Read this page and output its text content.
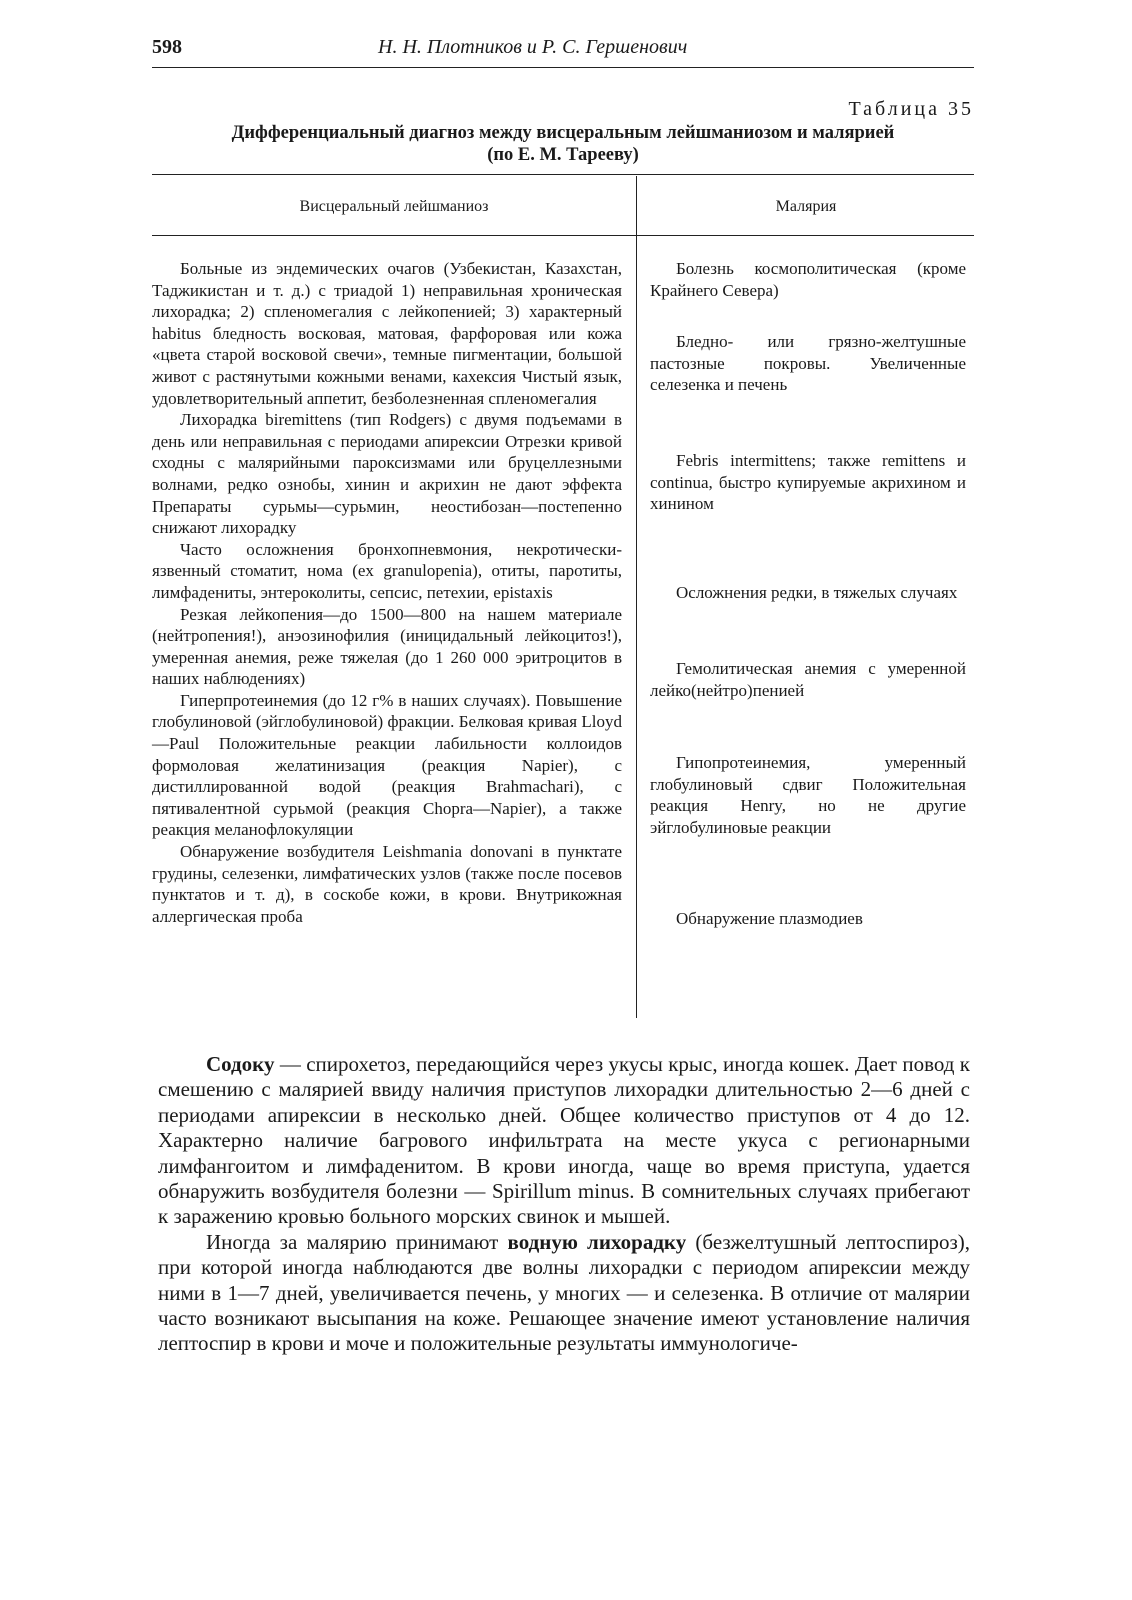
598	Н. Н. Плотников и Р. С. Гершенович
Таблица 35
Дифференциальный диагноз между висцеральным лейшманиозом и малярией
(по Е. М. Тарееву)
Висцеральный лейшманиоз	Малярия

Больные из эндемических очагов (Узбекистан, Казахстан, Таджикистан и т. д.) с триадой 1) неправильная хроническая лихорадка; 2) спленомегалия с лейкопенией; 3) характерный habitus бледность восковая, матовая, фарфоровая или кожа «цвета старой восковой свечи», темные пигментации, большой живот с растянутыми кожными венами, кахексия Чистый язык, удовлетворительный аппетит, безболезненная спленомегалия

Лихорадка biremittens (тип Rodgers) с двумя подъемами в день или неправильная с периодами апирексии Отрезки кривой сходны с малярийными пароксизмами или бруцеллезными волнами, редко ознобы, хинин и акрихин не дают эффекта Препараты сурьмы—сурьмин, неостибозан—постепенно снижают лихорадку

Часто осложнения бронхопневмония, некротически-язвенный стоматит, нома (ex granulopenia), отиты, паротиты, лимфадениты, энтероколиты, сепсис, петехии, epistaxis

Резкая лейкопения—до 1500—800 на нашем материале (нейтропения!), анэозинофилия (иницидальный лейкоцитоз!), умеренная анемия, реже тяжелая (до 1 260 000 эритроцитов в наших наблюдениях)

Гиперпротеинемия (до 12 г% в наших случаях). Повышение глобулиновой (эйглобулиновой) фракции. Белковая кривая Lloyd—Paul Положительные реакции лабильности коллоидов формоловая желатинизация (реакция Napier), с дистиллированной водой (реакция Brahmachari), с пятивалентной сурьмой (реакция Chopra—Napier), а также реакция меланофлокуляции

Обнаружение возбудителя Leishmania donovani в пунктате грудины, селезенки, лимфатических узлов (также после посевов пунктатов и т. д), в соскобе кожи, в крови. Внутрикожная аллергическая проба

Болезнь космополитическая (кроме Крайнего Севера)

Бледно- или грязно-желтушные пастозные покровы. Увеличенные селезенка и печень

Febris intermittens; также remittens и continua, быстро купируемые акрихином и хинином

Осложнения редки, в тяжелых случаях

Гемолитическая анемия с умеренной лейко(нейтро)пенией

Гипопротеинемия, умеренный глобулиновый сдвиг Положительная реакция Henry, но не другие эйглобулиновые реакции

Обнаружение плазмодиев

Содоку — спирохетоз, передающийся через укусы крыс, иногда кошек. Дает повод к смешению с малярией ввиду наличия приступов лихорадки длительностью 2—6 дней с периодами апирексии в несколько дней. Общее количество приступов от 4 до 12. Характерно наличие багрового инфильтрата на месте укуса с регионарными лимфангоитом и лимфаденитом. В крови иногда, чаще во время приступа, удается обнаружить возбудителя болезни — Spirillum minus. В сомнительных случаях прибегают к заражению кровью больного морских свинок и мышей.

Иногда за малярию принимают водную лихорадку (безжелтушный лептоспироз), при которой иногда наблюдаются две волны лихорадки с периодом апирексии между ними в 1—7 дней, увеличивается печень, у многих — и селезенка. В отличие от малярии часто возникают высыпания на коже. Решающее значение имеют установление наличия лептоспир в крови и моче и положительные результаты иммунологиче-
